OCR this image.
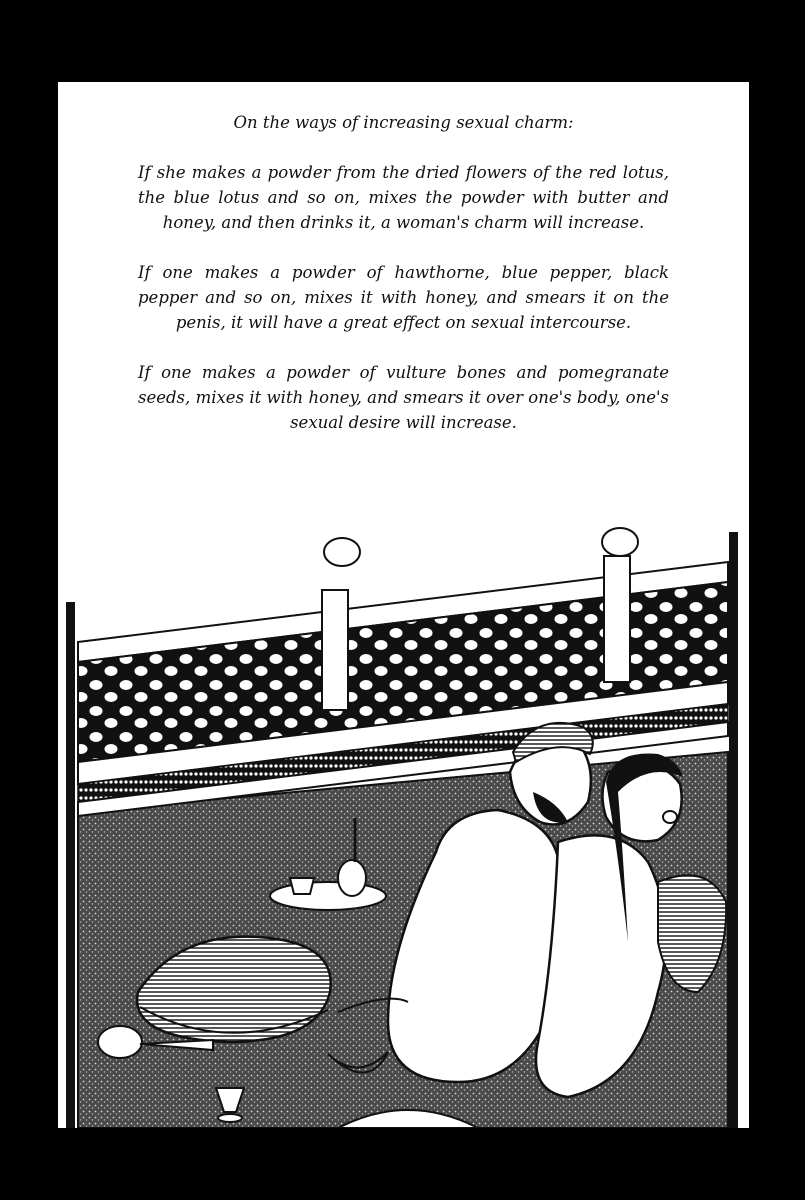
On the ways of increasing sexual charm:

If she makes a powder from the dried flowers of the red lotus, the blue lotus and so on, mixes the powder with butter and honey, and then drinks it, a woman's charm will increase.

If one makes a powder of hawthorne, blue pepper, black pepper and so on, mixes it with honey, and smears it on the penis, it will have a great effect on sexual intercourse.

If one makes a powder of vulture bones and pomegranate seeds, mixes it with honey, and smears it over one's body, one's sexual desire will increase.
